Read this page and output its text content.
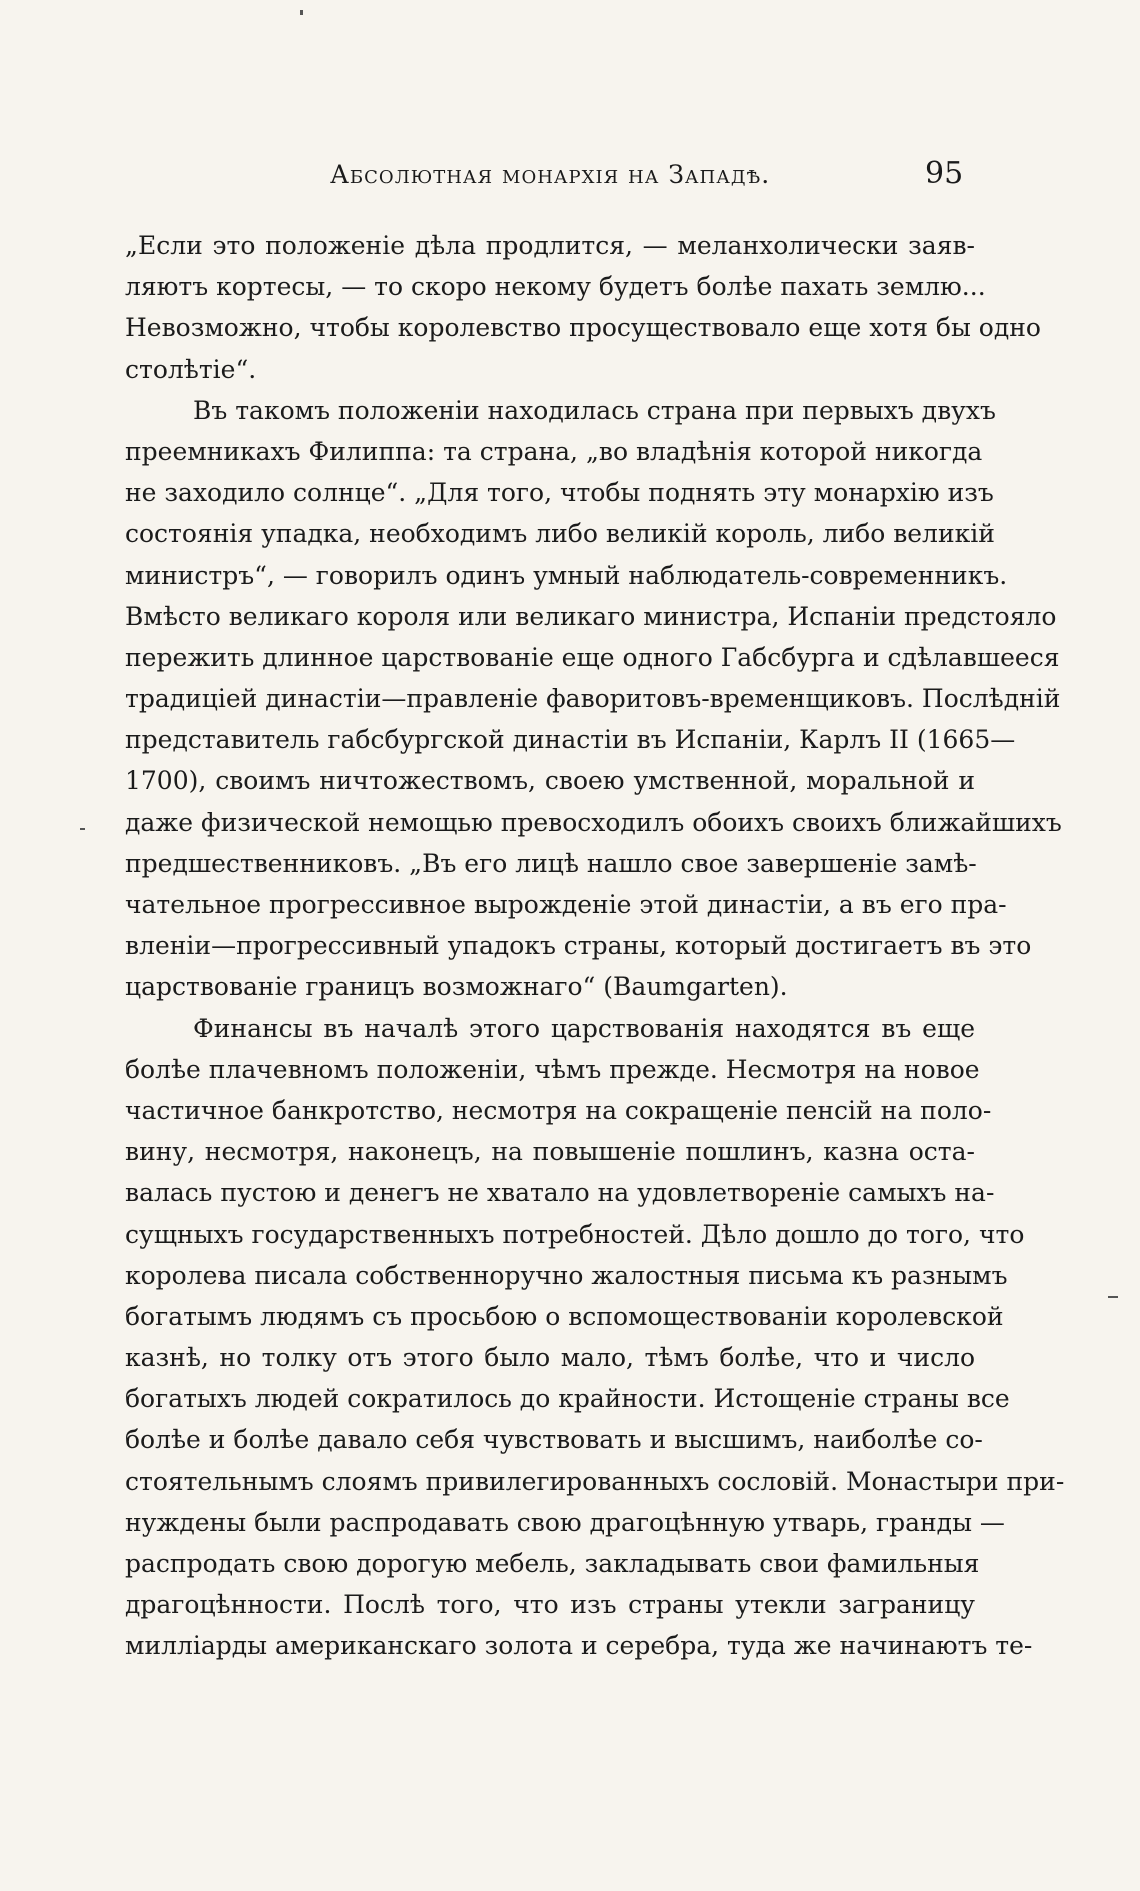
Абсолютная монархія на Западѣ.	95
„Если это положеніе дѣла продлится, — меланхолически заяв-
ляютъ кортесы, — то скоро некому будетъ болѣе пахать землю...
Невозможно, чтобы королевство просуществовало еще хотя бы одно
столѣтіе“.
Въ такомъ положеніи находилась страна при первыхъ двухъ
преемникахъ Филиппа: та страна, „во владѣнія которой никогда
не заходило солнце“. „Для того, чтобы поднять эту монархію изъ
состоянія упадка, необходимъ либо великій король, либо великій
министръ“, — говорилъ одинъ умный наблюдатель-современникъ.
Вмѣсто великаго короля или великаго министра, Испаніи предстояло
пережить длинное царствованіе еще одного Габсбурга и сдѣлавшееся
традиціей династіи—правленіе фаворитовъ-временщиковъ. Послѣдній
представитель габсбургской династіи въ Испаніи, Карлъ II (1665—
1700), своимъ ничтожествомъ, своею умственной, моральной и
даже физической немощью превосходилъ обоихъ своихъ ближайшихъ
предшественниковъ. „Въ его лицѣ нашло свое завершеніе замѣ-
чательное прогрессивное вырожденіе этой династіи, а въ его пра-
вленіи—прогрессивный упадокъ страны, который достигаетъ въ это
царствованіе границъ возможнаго“ (Baumgarten).
Финансы въ началѣ этого царствованія находятся въ еще
болѣе плачевномъ положеніи, чѣмъ прежде. Несмотря на новое
частичное банкротство, несмотря на сокращеніе пенсій на поло-
вину, несмотря, наконецъ, на повышеніе пошлинъ, казна оста-
валась пустою и денегъ не хватало на удовлетвореніе самыхъ на-
сущныхъ государственныхъ потребностей. Дѣло дошло до того, что
королева писала собственноручно жалостныя письма къ разнымъ
богатымъ людямъ съ просьбою о вспомоществованіи королевской
казнѣ, но толку отъ этого было мало, тѣмъ болѣе, что и число
богатыхъ людей сократилось до крайности. Истощеніе страны все
болѣе и болѣе давало себя чувствовать и высшимъ, наиболѣе со-
стоятельнымъ слоямъ привилегированныхъ сословій. Монастыри при-
нуждены были распродавать свою драгоцѣнную утварь, гранды —
распродать свою дорогую мебель, закладывать свои фамильныя
драгоцѣнности. Послѣ того, что изъ страны утекли заграницу
милліарды американскаго золота и серебра, туда же начинаютъ те-
